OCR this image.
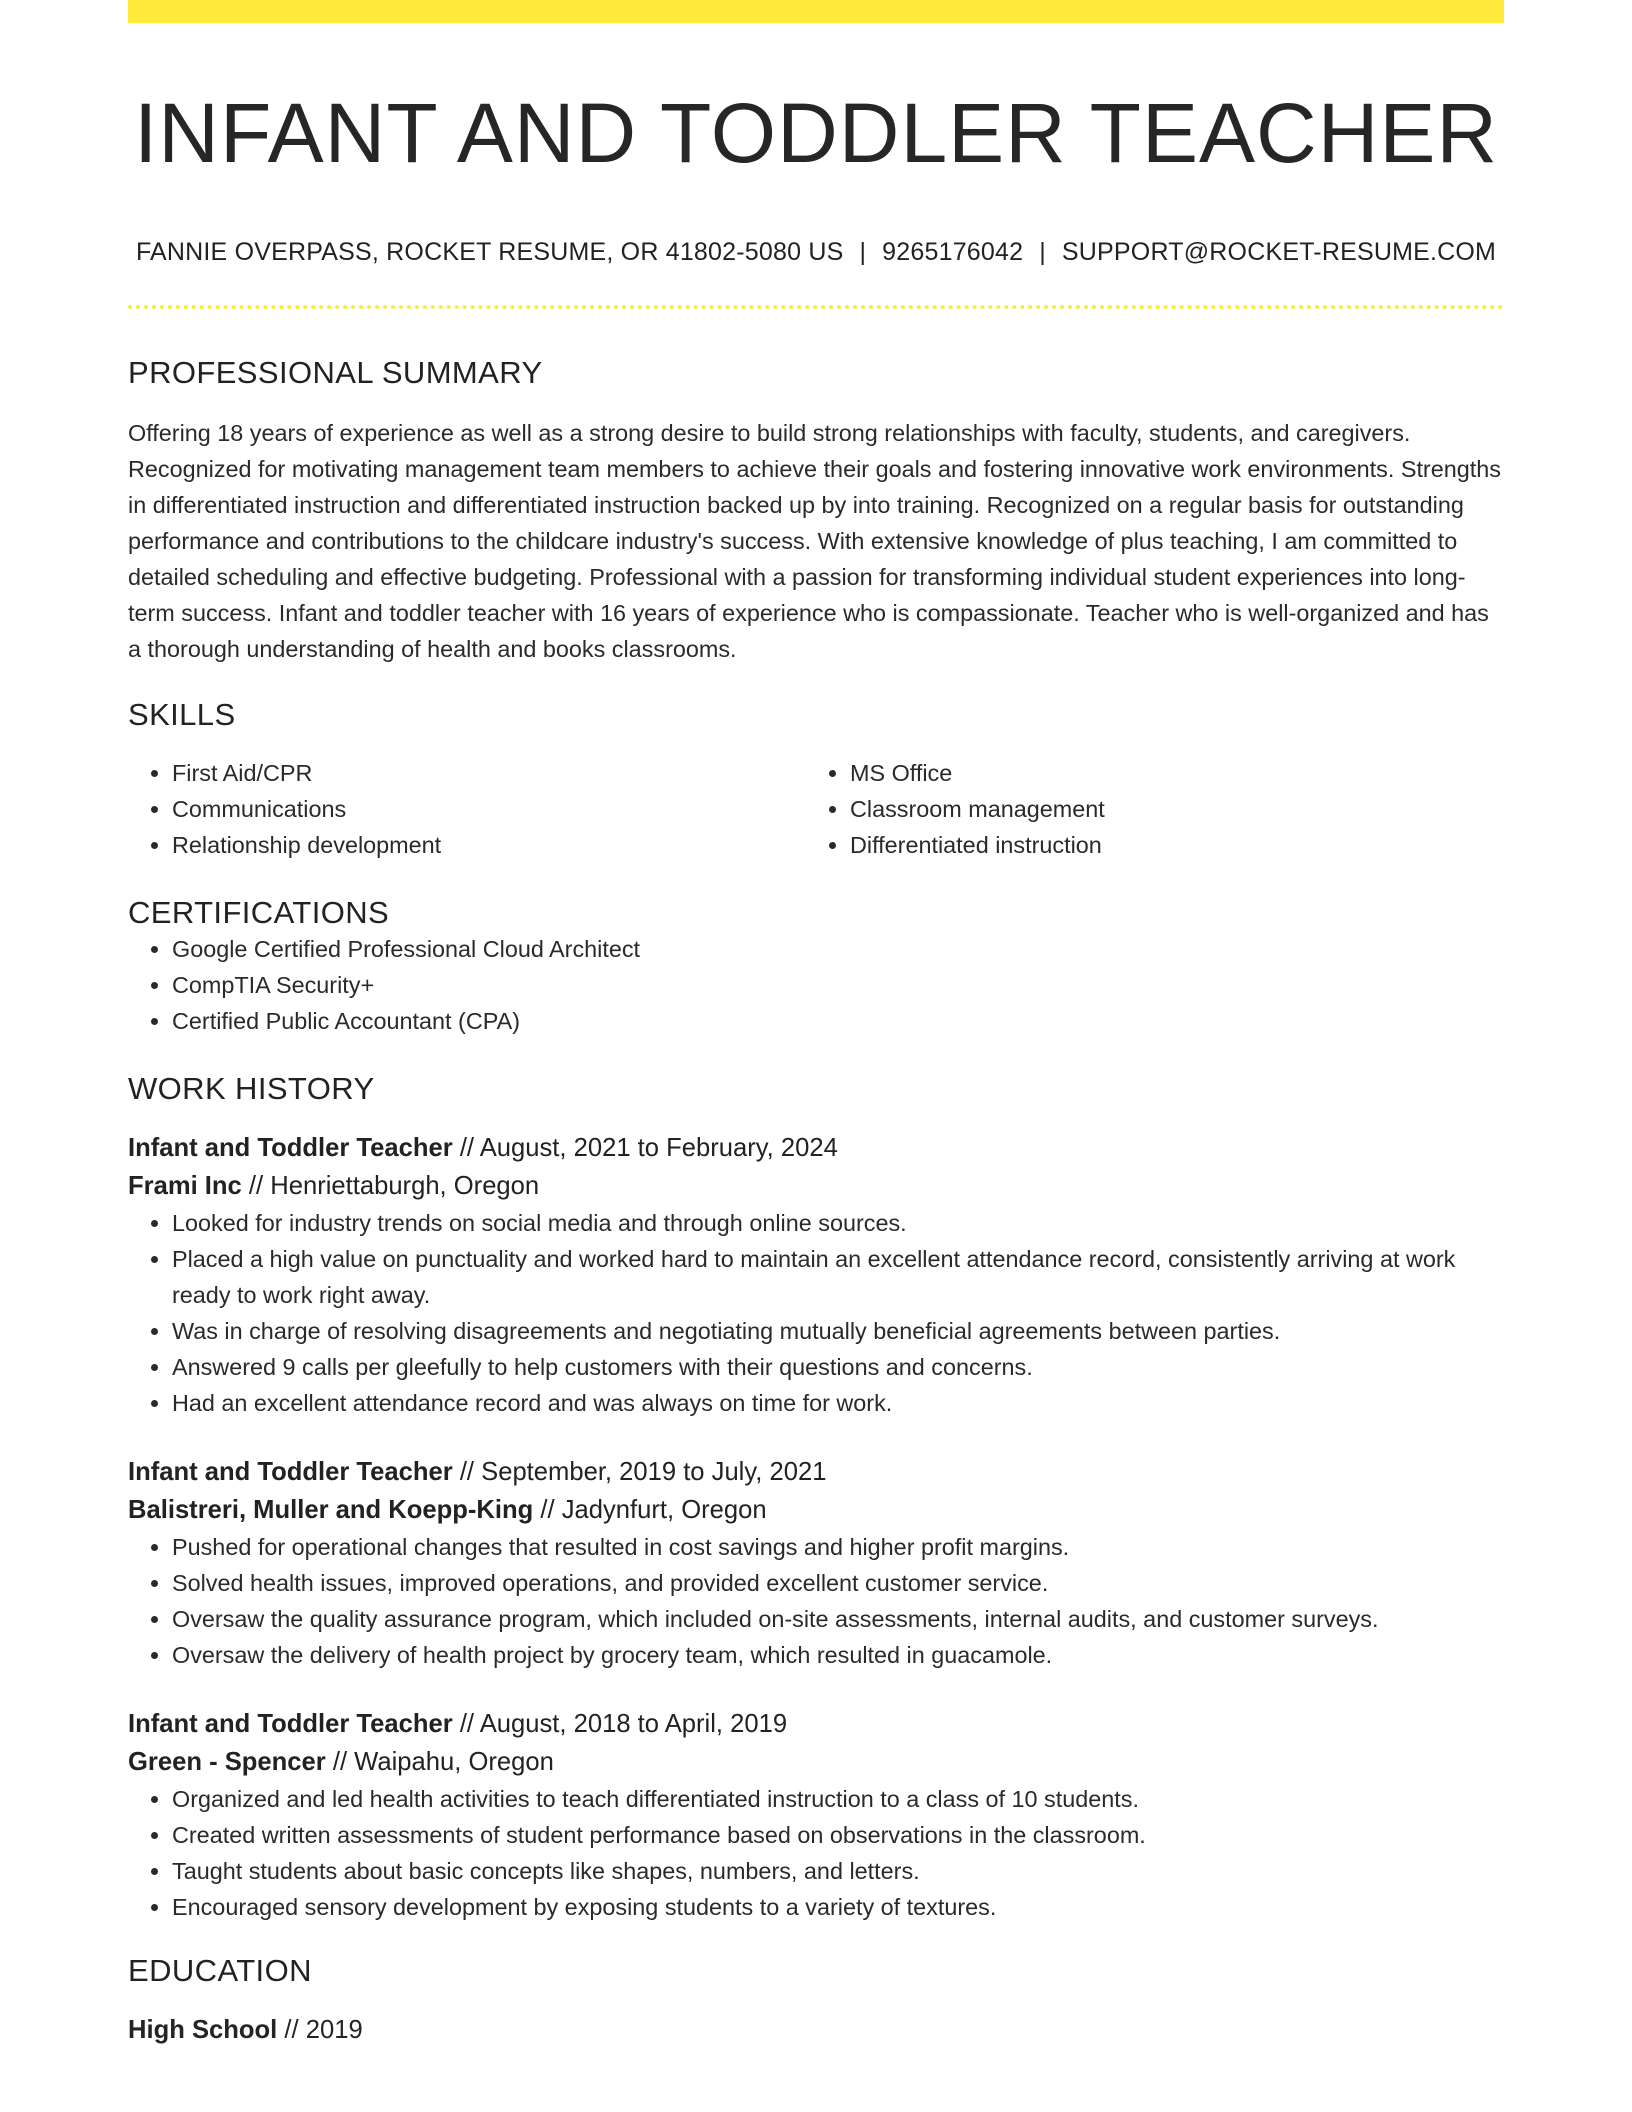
INFANT AND TODDLER TEACHER
FANNIE OVERPASS, ROCKET RESUME, OR 41802-5080 US | 9265176042 | SUPPORT@ROCKET-RESUME.COM
PROFESSIONAL SUMMARY
Offering 18 years of experience as well as a strong desire to build strong relationships with faculty, students, and caregivers. Recognized for motivating management team members to achieve their goals and fostering innovative work environments. Strengths in differentiated instruction and differentiated instruction backed up by into training. Recognized on a regular basis for outstanding performance and contributions to the childcare industry's success. With extensive knowledge of plus teaching, I am committed to detailed scheduling and effective budgeting. Professional with a passion for transforming individual student experiences into long-term success. Infant and toddler teacher with 16 years of experience who is compassionate. Teacher who is well-organized and has a thorough understanding of health and books classrooms.
SKILLS
• First Aid/CPR
• Communications
• Relationship development
• MS Office
• Classroom management
• Differentiated instruction
CERTIFICATIONS
• Google Certified Professional Cloud Architect
• CompTIA Security+
• Certified Public Accountant (CPA)
WORK HISTORY
Infant and Toddler Teacher // August, 2021 to February, 2024
Frami Inc // Henriettaburgh, Oregon
• Looked for industry trends on social media and through online sources.
• Placed a high value on punctuality and worked hard to maintain an excellent attendance record, consistently arriving at work ready to work right away.
• Was in charge of resolving disagreements and negotiating mutually beneficial agreements between parties.
• Answered 9 calls per gleefully to help customers with their questions and concerns.
• Had an excellent attendance record and was always on time for work.
Infant and Toddler Teacher // September, 2019 to July, 2021
Balistreri, Muller and Koepp-King // Jadynfurt, Oregon
• Pushed for operational changes that resulted in cost savings and higher profit margins.
• Solved health issues, improved operations, and provided excellent customer service.
• Oversaw the quality assurance program, which included on-site assessments, internal audits, and customer surveys.
• Oversaw the delivery of health project by grocery team, which resulted in guacamole.
Infant and Toddler Teacher // August, 2018 to April, 2019
Green - Spencer // Waipahu, Oregon
• Organized and led health activities to teach differentiated instruction to a class of 10 students.
• Created written assessments of student performance based on observations in the classroom.
• Taught students about basic concepts like shapes, numbers, and letters.
• Encouraged sensory development by exposing students to a variety of textures.
EDUCATION
High School // 2019
